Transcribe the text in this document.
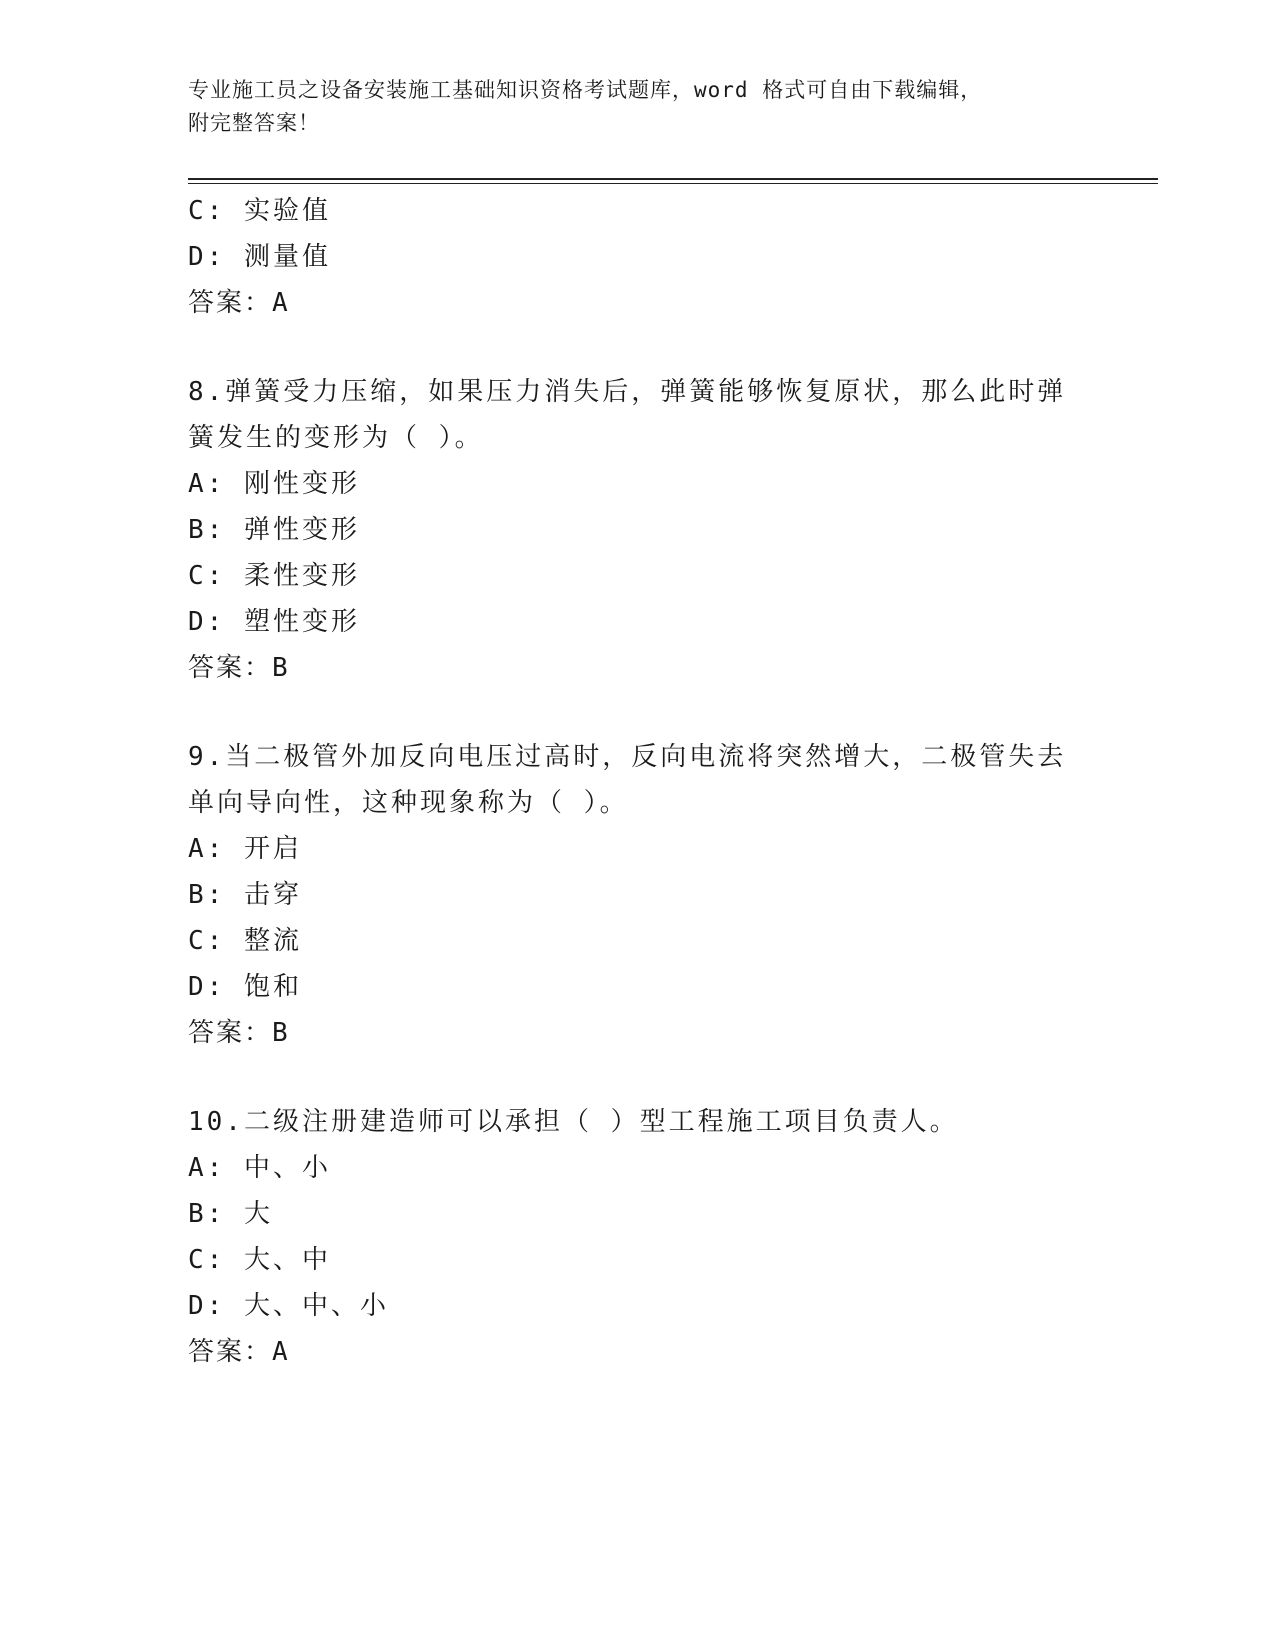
专业施工员之设备安装施工基础知识资格考试题库，word 格式可自由下载编辑，
附完整答案！
C: 实验值
D: 测量值
答案：A
8.弹簧受力压缩，如果压力消失后，弹簧能够恢复原状，那么此时弹
簧发生的变形为（ ）。
A: 刚性变形
B: 弹性变形
C: 柔性变形
D: 塑性变形
答案：B
9.当二极管外加反向电压过高时，反向电流将突然增大，二极管失去
单向导向性，这种现象称为（ ）。
A: 开启
B: 击穿
C: 整流
D: 饱和
答案：B
10.二级注册建造师可以承担（ ）型工程施工项目负责人。
A: 中、小
B: 大
C: 大、中
D: 大、中、小
答案：A
